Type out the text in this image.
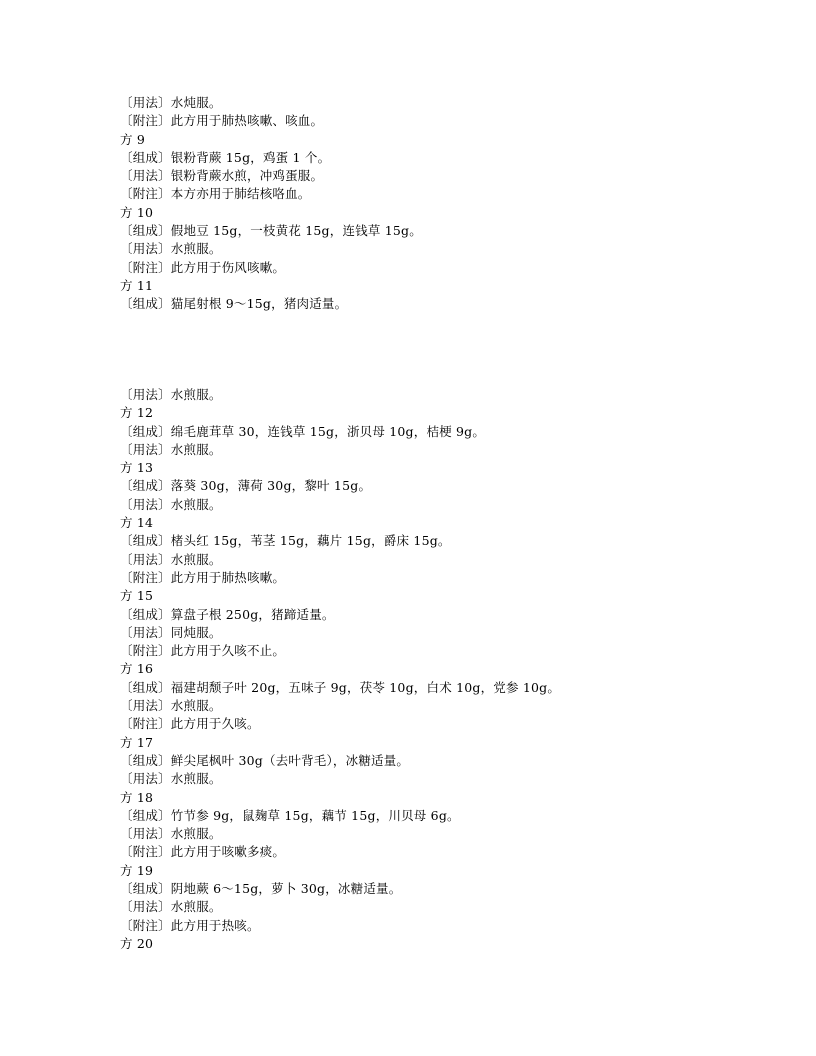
〔用法〕水炖服。
〔附注〕此方用于肺热咳嗽、咳血。
方 9
〔组成〕银粉背蕨 15g，鸡蛋 1 个。
〔用法〕银粉背蕨水煎，冲鸡蛋服。
〔附注〕本方亦用于肺结核咯血。
方 10
〔组成〕假地豆 15g，一枝黄花 15g，连钱草 15g。
〔用法〕水煎服。
〔附注〕此方用于伤风咳嗽。
方 11
〔组成〕猫尾射根 9～15g，猪肉适量。
〔用法〕水煎服。
方 12
〔组成〕绵毛鹿茸草 30，连钱草 15g，浙贝母 10g，桔梗 9g。
〔用法〕水煎服。
方 13
〔组成〕落葵 30g，薄荷 30g，黎叶 15g。
〔用法〕水煎服。
方 14
〔组成〕楮头红 15g，苇茎 15g，藕片 15g，爵床 15g。
〔用法〕水煎服。
〔附注〕此方用于肺热咳嗽。
方 15
〔组成〕算盘子根 250g，猪蹄适量。
〔用法〕同炖服。
〔附注〕此方用于久咳不止。
方 16
〔组成〕福建胡颓子叶 20g，五味子 9g，茯苓 10g，白术 10g，党参 10g。
〔用法〕水煎服。
〔附注〕此方用于久咳。
方 17
〔组成〕鲜尖尾枫叶 30g（去叶背毛），冰糖适量。
〔用法〕水煎服。
方 18
〔组成〕竹节参 9g，鼠麹草 15g，藕节 15g，川贝母 6g。
〔用法〕水煎服。
〔附注〕此方用于咳嗽多痰。
方 19
〔组成〕阴地蕨 6～15g，萝卜 30g，冰糖适量。
〔用法〕水煎服。
〔附注〕此方用于热咳。
方 20
